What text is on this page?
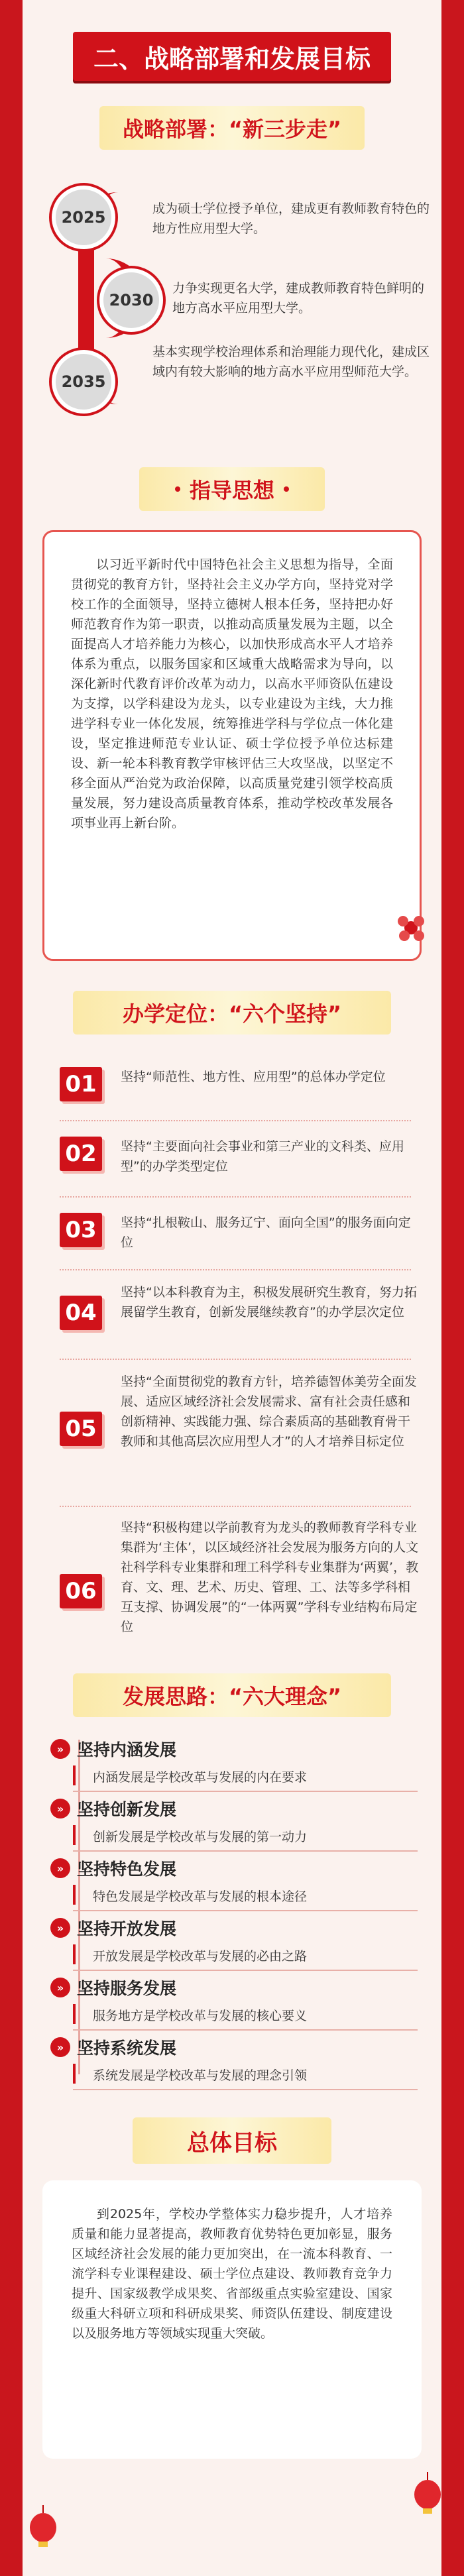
二、战略部署和发展目标
战略部署：“新三步走”
2025	成为硕士学位授予单位，建成更有教师教育特色的地方性应用型大学。
2030
力争实现更名大学，建成教师教育特色鲜明的地方高水平应用型大学。
2035
基本实现学校治理体系和治理能力现代化，建成区域内有较大影响的地方高水平应用型师范大学。
指导思想
以习近平新时代中国特色社会主义思想为指导，全面贯彻党的教育方针，坚持社会主义办学方向，坚持党对学校工作的全面领导，坚持立德树人根本任务，坚持把办好师范教育作为第一职责，以推动高质量发展为主题，以全面提高人才培养能力为核心，以加快形成高水平人才培养体系为重点，以服务国家和区域重大战略需求为导向，以深化新时代教育评价改革为动力，以高水平师资队伍建设为支撑，以学科建设为龙头，以专业建设为主线，大力推进学科专业一体化发展，统筹推进学科与学位点一体化建设，坚定推进师范专业认证、硕士学位授予单位达标建设、新一轮本科教育教学审核评估三大攻坚战，以坚定不移全面从严治党为政治保障，以高质量党建引领学校高质量发展，努力建设高质量教育体系，推动学校改革发展各项事业再上新台阶。
办学定位：“六个坚持”
01	坚持“师范性、地方性、应用型”的总体办学定位
02	坚持“主要面向社会事业和第三产业的文科类、应用型”的办学类型定位
03	坚持“扎根鞍山、服务辽宁、面向全国”的服务面向定位
04
坚持“以本科教育为主，积极发展研究生教育，努力拓展留学生教育，创新发展继续教育”的办学层次定位
05
坚持“全面贯彻党的教育方针，培养德智体美劳全面发展、适应区域经济社会发展需求、富有社会责任感和创新精神、实践能力强、综合素质高的基础教育骨干教师和其他高层次应用型人才”的人才培养目标定位
06
坚持“积极构建以学前教育为龙头的教师教育学科专业集群为‘主体’，以区域经济社会发展为服务方向的人文社科学科专业集群和理工科学科专业集群为‘两翼’，教育、文、理、艺术、历史、管理、工、法等多学科相互支撑、协调发展”的“一体两翼”学科专业结构布局定位
发展思路：“六大理念”
» 坚持内涵发展
内涵发展是学校改革与发展的内在要求
» 坚持创新发展
创新发展是学校改革与发展的第一动力
» 坚持特色发展
特色发展是学校改革与发展的根本途径
» 坚持开放发展
开放发展是学校改革与发展的必由之路
» 坚持服务发展
服务地方是学校改革与发展的核心要义
» 坚持系统发展
系统发展是学校改革与发展的理念引领
总体目标
到2025年，学校办学整体实力稳步提升，人才培养质量和能力显著提高，教师教育优势特色更加彰显，服务区域经济社会发展的能力更加突出，在一流本科教育、一流学科专业课程建设、硕士学位点建设、教师教育竞争力提升、国家级教学成果奖、省部级重点实验室建设、国家级重大科研立项和科研成果奖、师资队伍建设、制度建设以及服务地方等领域实现重大突破。
